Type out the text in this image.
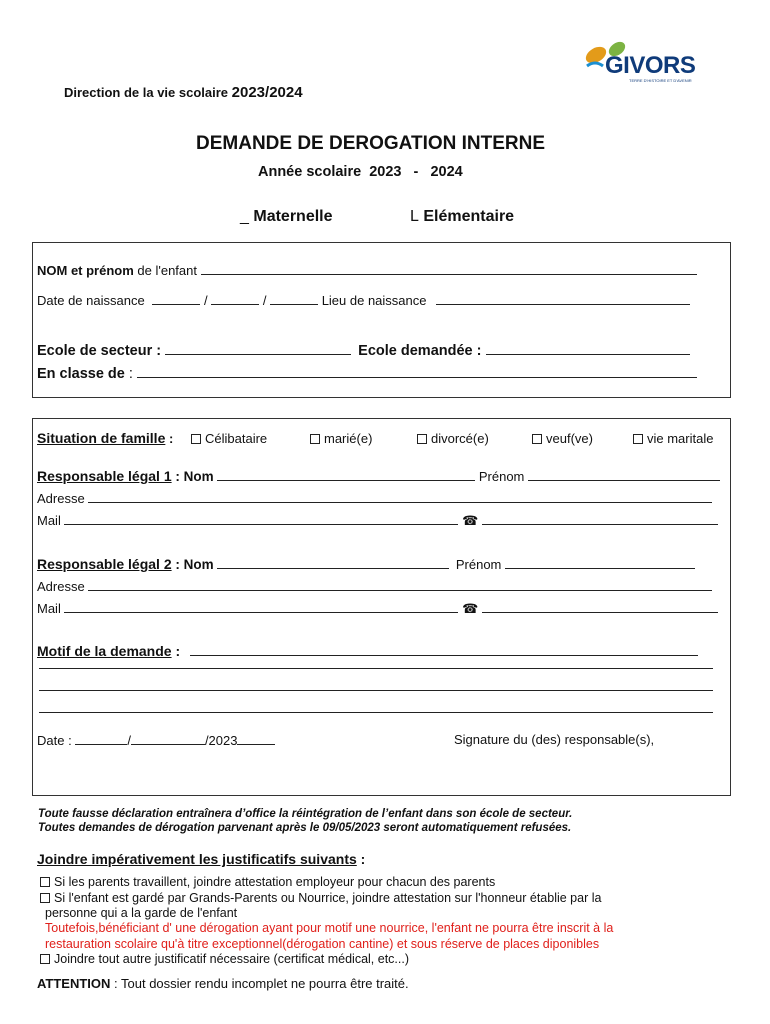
GIVORS
TERRE D'HISTOIRE ET D'AVENIR
Direction de la vie scolaire 2023/2024
DEMANDE DE DEROGATION INTERNE
Année scolaire  2023   -   2024
_ Maternelle	L Elémentaire
NOM et prénom de l'enfant
Date de naissance	/	/	Lieu de naissance
Ecole de secteur :	Ecole demandée :
En classe de :
Situation de famille :	Célibataire	marié(e)	divorcé(e)	veuf(ve)	vie maritale
Responsable légal 1 : Nom	Prénom
Adresse
Mail	☎
Responsable légal 2 : Nom	Prénom
Adresse
Mail	☎
Motif de la demande :
Date :	/	/2023	Signature du (des) responsable(s),
Toute fausse déclaration entraînera d’office la réintégration de l’enfant dans son école de secteur.
Toutes demandes de dérogation parvenant après le 09/05/2023 seront automatiquement refusées.
Joindre impérativement les justificatifs suivants :
Si les parents travaillent, joindre attestation employeur pour chacun des parents
Si l'enfant est gardé par Grands-Parents ou Nourrice, joindre attestation sur l'honneur établie par la
personne qui a la garde de l'enfant
Toutefois,bénéficiant d' une dérogation ayant pour motif une nourrice, l'enfant ne pourra être inscrit à la
restauration scolaire qu'à titre exceptionnel(dérogation cantine) et sous réserve de places diponibles
Joindre tout autre justificatif nécessaire (certificat médical, etc...)
ATTENTION : Tout dossier rendu incomplet ne pourra être traité.
